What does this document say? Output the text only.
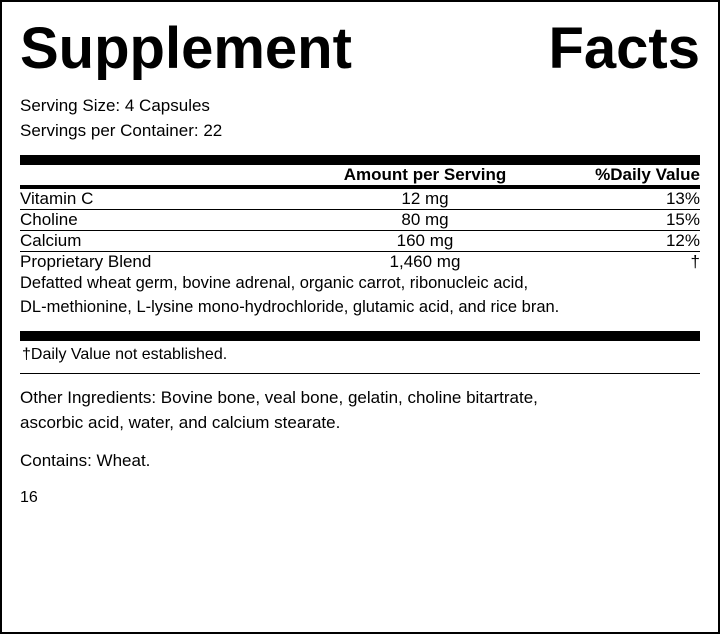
Supplement	Facts
Serving Size: 4 Capsules
Servings per Container: 22
	Amount per Serving	%Daily Value
Vitamin C	12 mg	13%
Choline	80 mg	15%
Calcium	160 mg	12%
Proprietary Blend	1,460 mg	†

Defatted wheat germ, bovine adrenal, organic carrot, ribonucleic acid,
DL-methionine, L-lysine mono-hydrochloride, glutamic acid, and rice bran.		
†Daily Value not established.
Other Ingredients: Bovine bone, veal bone, gelatin, choline bitartrate,
ascorbic acid, water, and calcium stearate.
Contains: Wheat.
16
